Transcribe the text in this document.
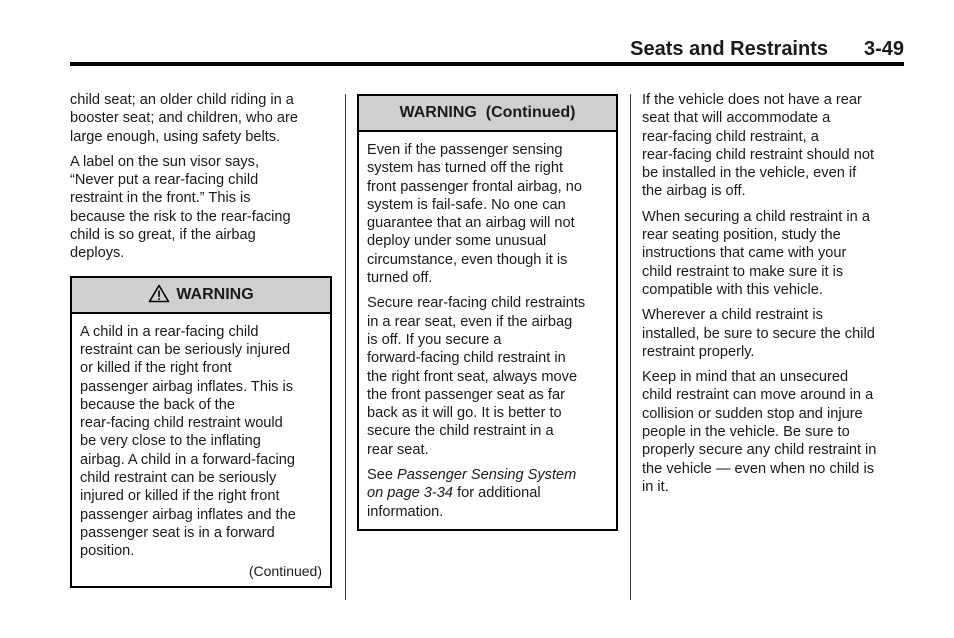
Seats and Restraints 3-49

child seat; an older child riding in a
booster seat; and children, who are
large enough, using safety belts.

A label on the sun visor says,
“Never put a rear-facing child
restraint in the front.” This is
because the risk to the rear-facing
child is so great, if the airbag
deploys.

WARNING

A child in a rear-facing child
restraint can be seriously injured
or killed if the right front
passenger airbag inflates. This is
because the back of the
rear-facing child restraint would
be very close to the inflating
airbag. A child in a forward-facing
child restraint can be seriously
injured or killed if the right front
passenger airbag inflates and the
passenger seat is in a forward
position.

(Continued)
WARNING  (Continued)

Even if the passenger sensing
system has turned off the right
front passenger frontal airbag, no
system is fail-safe. No one can
guarantee that an airbag will not
deploy under some unusual
circumstance, even though it is
turned off.

Secure rear-facing child restraints
in a rear seat, even if the airbag
is off. If you secure a
forward-facing child restraint in
the right front seat, always move
the front passenger seat as far
back as it will go. It is better to
secure the child restraint in a
rear seat.

See Passenger Sensing System
on page 3-34 for additional
information.

If the vehicle does not have a rear
seat that will accommodate a
rear-facing child restraint, a
rear-facing child restraint should not
be installed in the vehicle, even if
the airbag is off.

When securing a child restraint in a
rear seating position, study the
instructions that came with your
child restraint to make sure it is
compatible with this vehicle.

Wherever a child restraint is
installed, be sure to secure the child
restraint properly.

Keep in mind that an unsecured
child restraint can move around in a
collision or sudden stop and injure
people in the vehicle. Be sure to
properly secure any child restraint in
the vehicle — even when no child is
in it.
